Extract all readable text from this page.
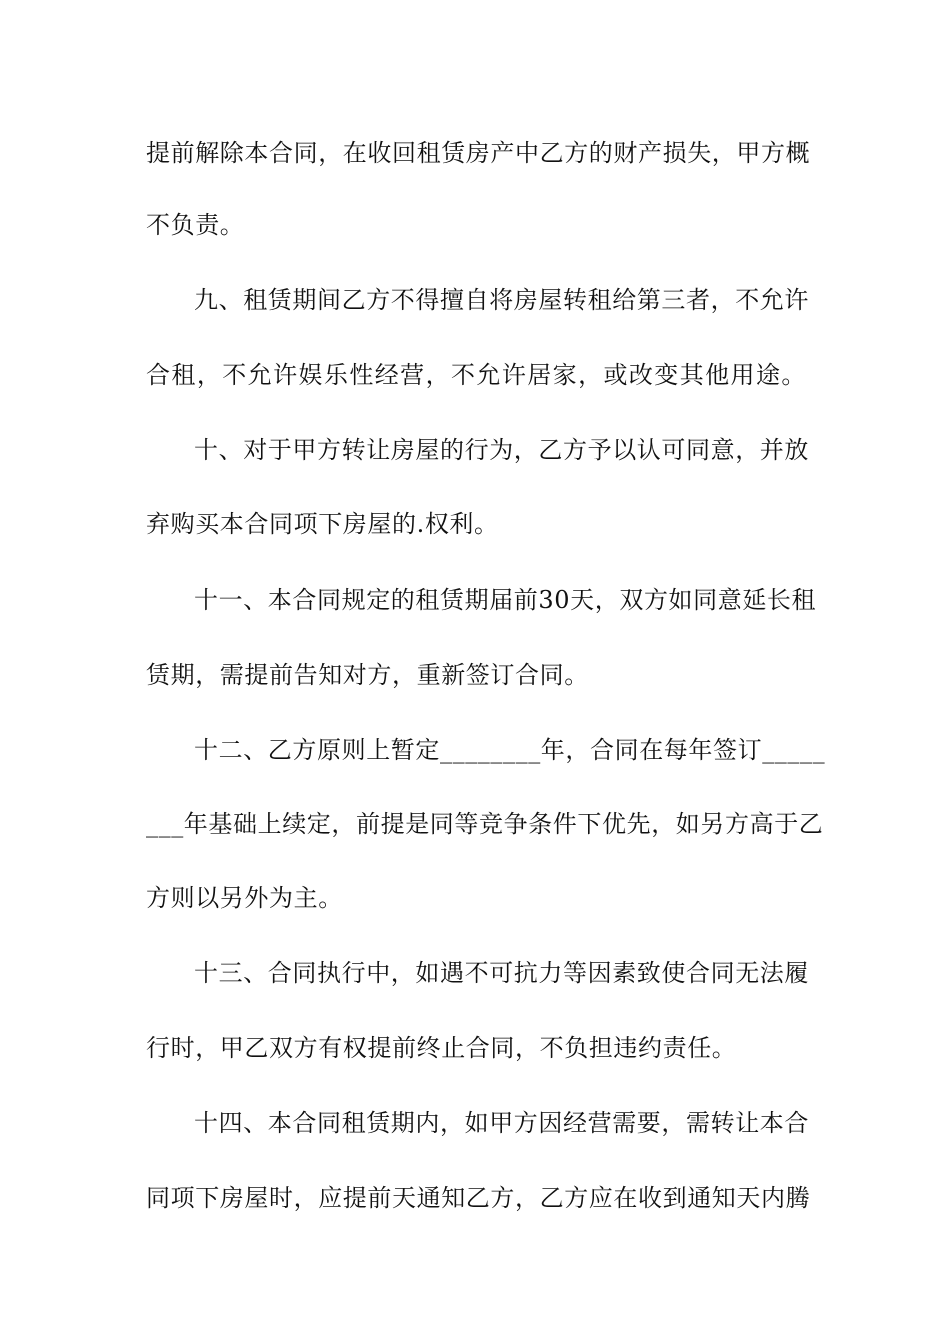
提前解除本合同，在收回租赁房产中乙方的财产损失，甲方概
不负责。
九、租赁期间乙方不得擅自将房屋转租给第三者，不允许
合租，不允许娱乐性经营，不允许居家，或改变其他用途。
十、对于甲方转让房屋的行为，乙方予以认可同意，并放
弃购买本合同项下房屋的.权利。
十一、本合同规定的租赁期届前30天，双方如同意延长租
赁期，需提前告知对方，重新签订合同。
十二、乙方原则上暂定________年，合同在每年签订_____
___年基础上续定，前提是同等竞争条件下优先，如另方高于乙
方则以另外为主。
十三、合同执行中，如遇不可抗力等因素致使合同无法履
行时，甲乙双方有权提前终止合同，不负担违约责任。
十四、本合同租赁期内，如甲方因经营需要，需转让本合
同项下房屋时，应提前天通知乙方，乙方应在收到通知天内腾
